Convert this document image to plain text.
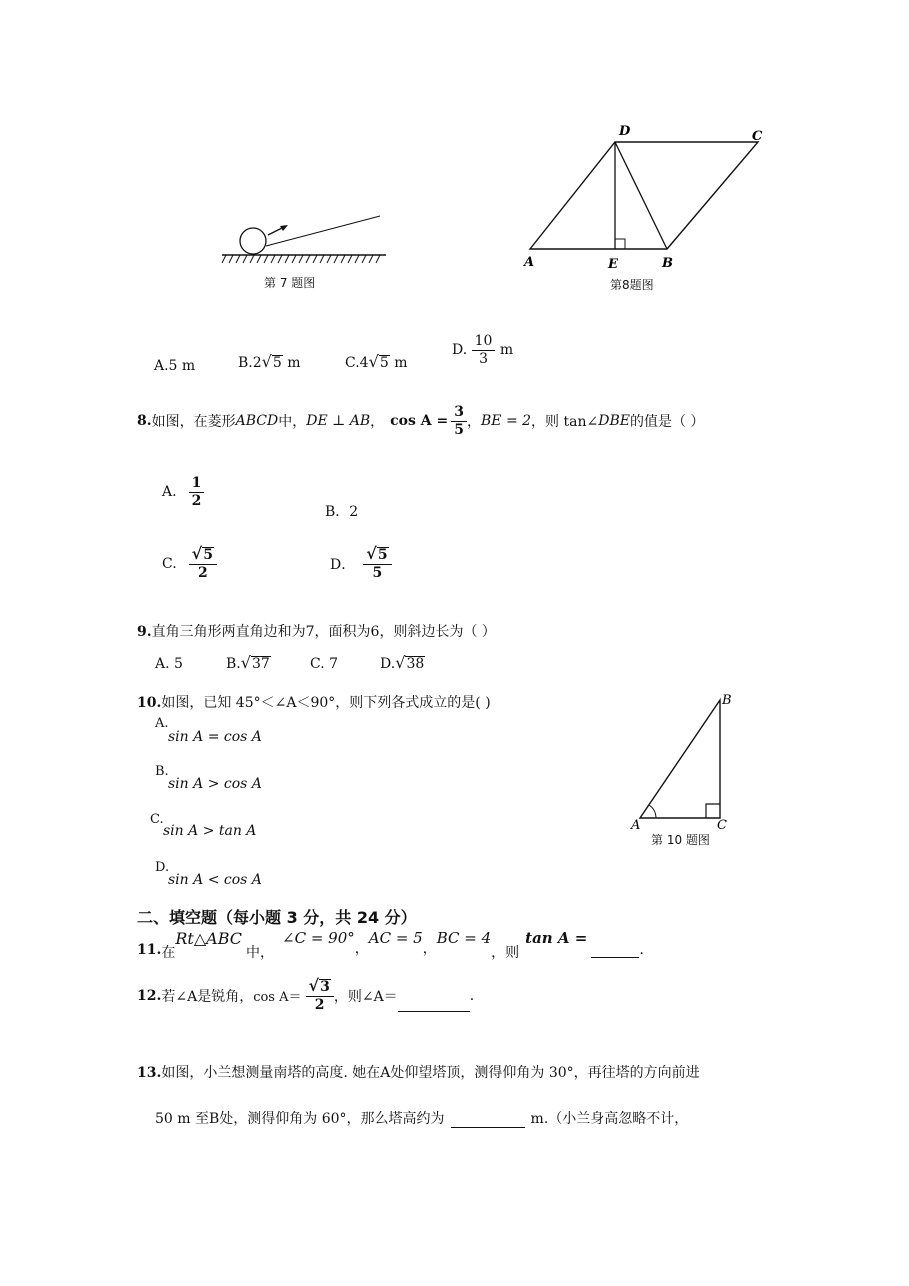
第 7 题图
D	C
A	E	B
第8题图
A.5 m	B.2 √ 5 m	C.4 √ 5 m
D. $\frac{10}{3}$ m
8. 如图，在菱形 ABCD 中， DE ⊥ AB ， $\cos A = \frac{3}{5}$ ， BE = 2 ，则 tan∠ DBE 的值是（ ）
A. $\frac{1}{2}$
B．2
C. $\frac{√ 5}{2}$	D． $\frac{√ 5}{5}$
9.直角三角形两直角边和为7，面积为6，则斜边长为（ ）
A. 5	B. √ 37	C. 7	D. √ 38
10.如图，已知 45°＜∠A＜90°，则下列各式成立的是( )
A.
sin A = cos A
B.
sin A > cos A
C.
sin A > tan A
D.
sin A < cos A
B
A	C
第 10 题图
二、填空题（每小题 3 分，共 24 分）
11. 在
Rt△ABC
中，
∠C = 90°
，
AC = 5
，
BC = 4
，则
tan A =
.
12. 若∠A是锐角， $\cos A= \frac{√ 3}{2}$ ，则∠A＝	.
13.如图，小兰想测量南塔的高度. 她在A处仰望塔顶，测得仰角为 30°，再往塔的方向前进
50 m 至B处，测得仰角为 60°，那么塔高约为	m.（小兰身高忽略不计，
